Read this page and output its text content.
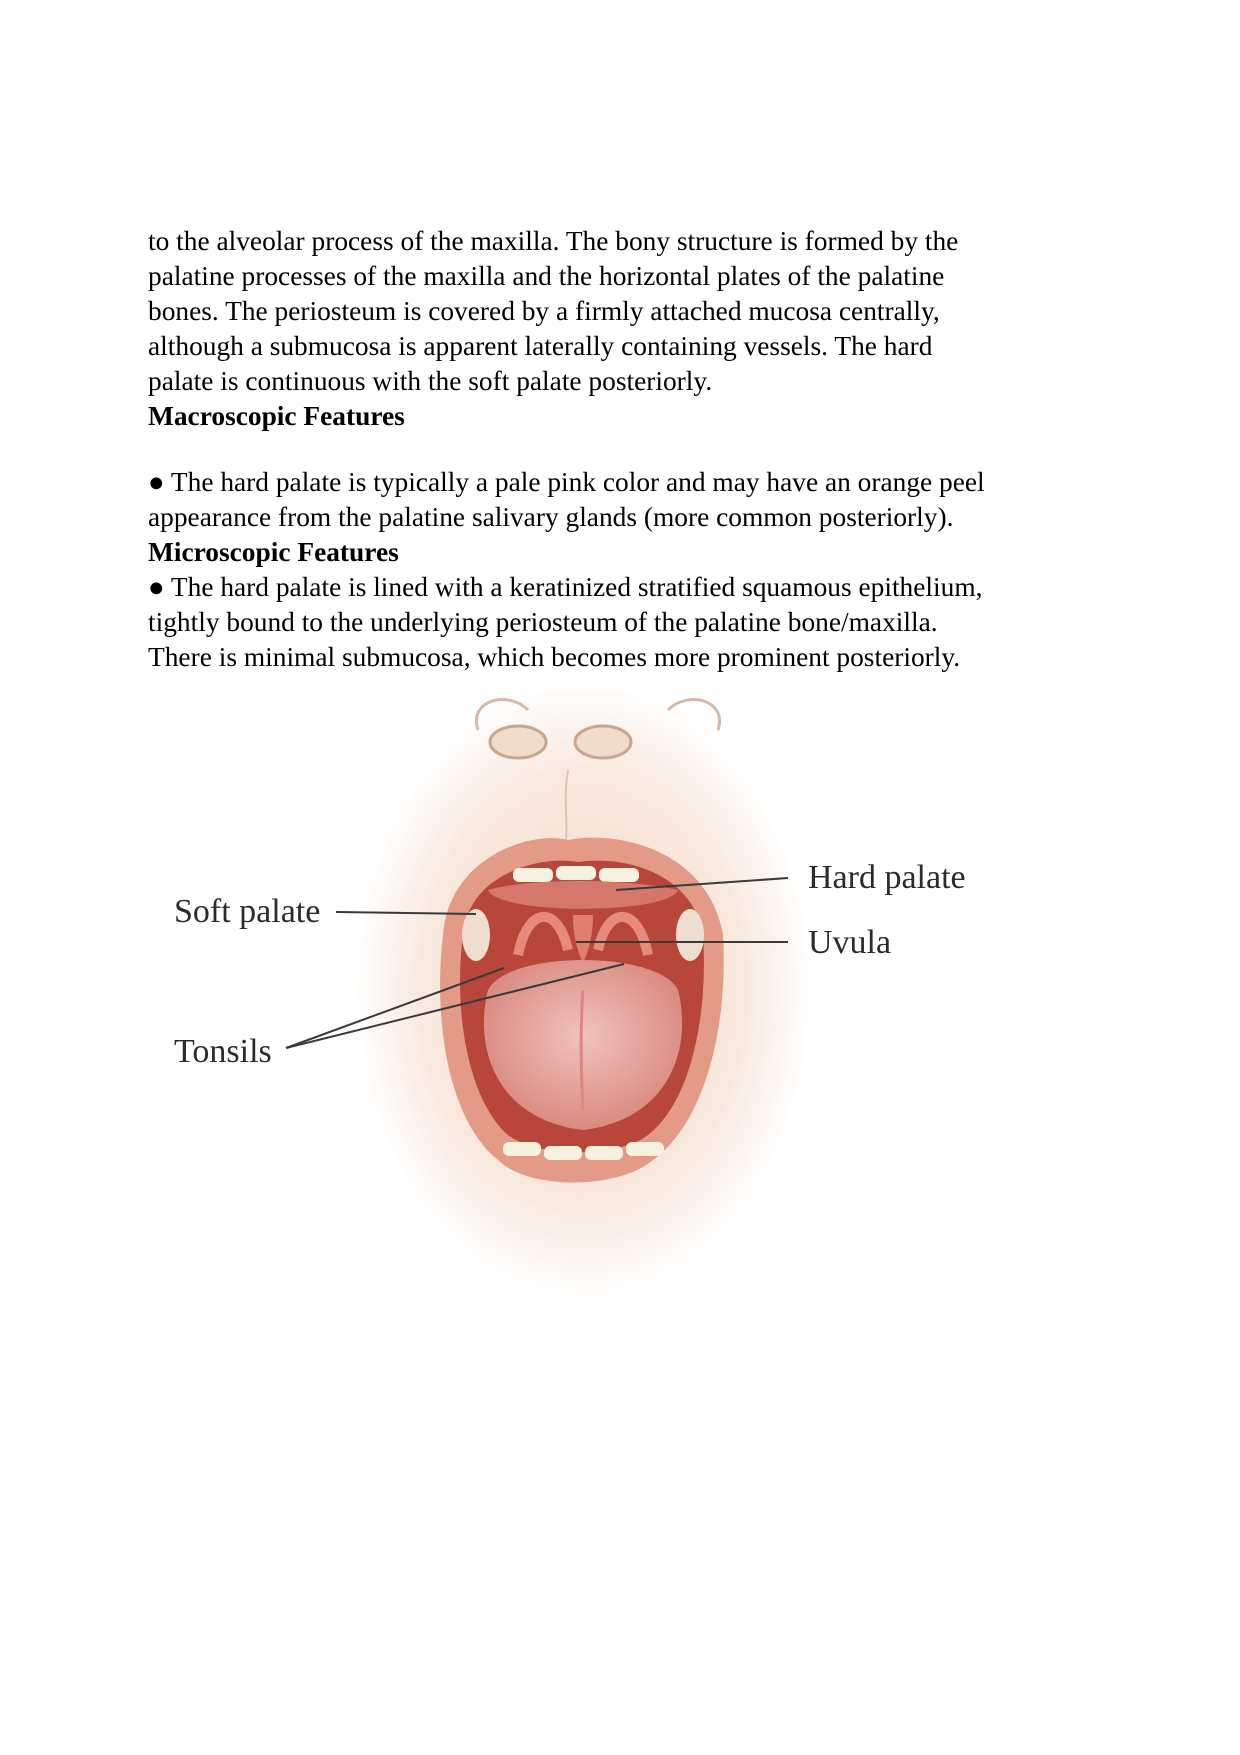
to the alveolar process of the maxilla. The bony structure is formed by the

palatine processes of the maxilla and the horizontal plates of the palatine

bones. The periosteum is covered by a firmly attached mucosa centrally,

although a submucosa is apparent laterally containing vessels. The hard

palate is continuous with the soft palate posteriorly.

Macroscopic Features

● The hard palate is typically a pale pink color and may have an orange peel

appearance from the palatine salivary glands (more common posteriorly).

Microscopic Features

● The hard palate is lined with a keratinized stratified squamous epithelium,

tightly bound to the underlying periosteum of the palatine bone/maxilla.

There is minimal submucosa, which becomes more prominent posteriorly.

Hard palate
Soft palate
Uvula
Tonsils
